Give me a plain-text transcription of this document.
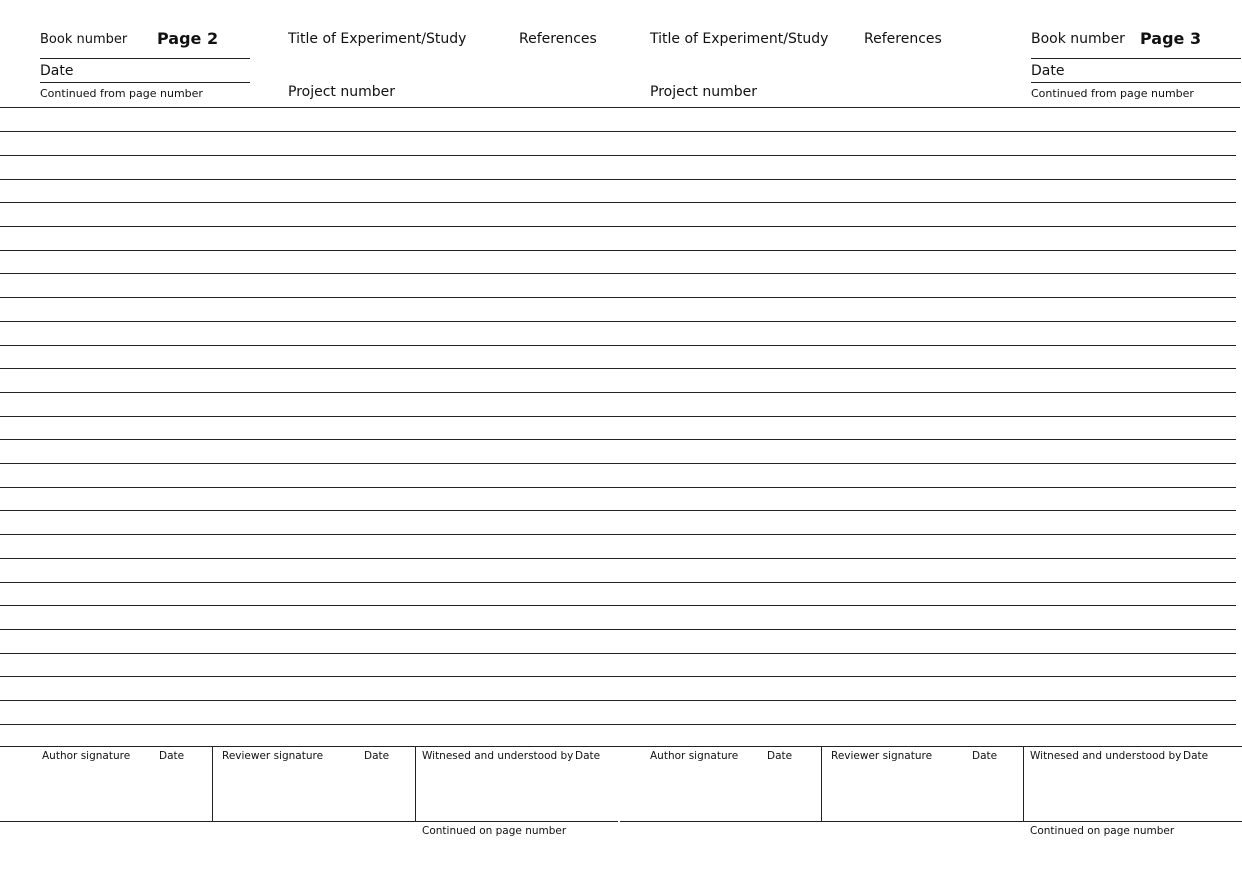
Book number Page 2
Date
Continued from page number
Title of Experiment/Study	References
Project number
Title of Experiment/Study	References
Project number
Book number Page 3
Date
Continued from page number
Author signature	Date	Reviewer signature	Date	Witnesed and understood by Date
Continued on page number
Author signature	Date	Reviewer signature	Date	Witnesed and understood by Date
Continued on page number
